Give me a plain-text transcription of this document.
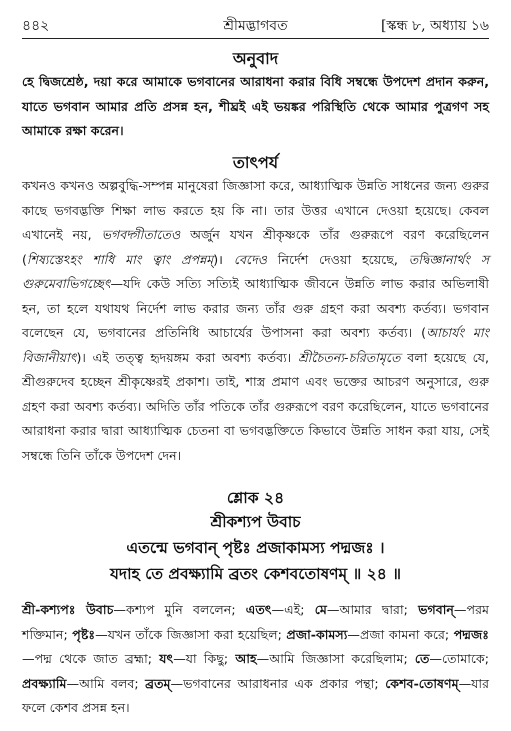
৪৪২	শ্রীমদ্ভাগবত	[স্কন্ধ ৮, অধ্যায় ১৬
অনুবাদ
হে দ্বিজশ্রেষ্ঠ, দয়া করে আমাকে ভগবানের আরাধনা করার বিধি সম্বন্ধে উপদেশ প্রদান করুন, যাতে ভগবান আমার প্রতি প্রসন্ন হন, শীঘ্রই এই ভয়ঙ্কর পরিস্থিতি থেকে আমার পুত্রগণ সহ আমাকে রক্ষা করেন।
তাৎপর্য
কখনও কখনও অল্পবুদ্ধি-সম্পন্ন মানুষেরা জিজ্ঞাসা করে, আধ্যাত্মিক উন্নতি সাধনের জন্য গুরুর কাছে ভগবদ্ভক্তি শিক্ষা লাভ করতে হয় কি না। তার উত্তর এখানে দেওয়া হয়েছে। কেবল এখানেই নয়, ভগবদ্গীতাতেও অর্জুন যখন শ্রীকৃষ্ণকে তাঁর গুরুরূপে বরণ করেছিলেন (শিষ্যস্তেঽহং শাধি মাং ত্বাং প্রপন্নম্)। বেদেও নির্দেশ দেওয়া হয়েছে, তদ্বিজ্ঞানার্থং স গুরুমেবাভিগচ্ছেৎ—যদি কেউ সত্যি সত্যিই আধ্যাত্মিক জীবনে উন্নতি লাভ করার অভিলাষী হন, তা হলে যথাযথ নির্দেশ লাভ করার জন্য তাঁর গুরু গ্রহণ করা অবশ্য কর্তব্য। ভগবান বলেছেন যে, ভগবানের প্রতিনিধি আচার্যের উপাসনা করা অবশ্য কর্তব্য। (আচার্যং মাং বিজানীয়াৎ)। এই তত্ত্ব হৃদয়ঙ্গম করা অবশ্য কর্তব্য। শ্রীচৈতন্য-চরিতামৃতে বলা হয়েছে যে, শ্রীগুরুদেব হচ্ছেন শ্রীকৃষ্ণেরই প্রকাশ। তাই, শাস্ত্র প্রমাণ এবং ভক্তের আচরণ অনুসারে, গুরু গ্রহণ করা অবশ্য কর্তব্য। অদিতি তাঁর পতিকে তাঁর গুরুরূপে বরণ করেছিলেন, যাতে ভগবানের আরাধনা করার দ্বারা আধ্যাত্মিক চেতনা বা ভগবদ্ভক্তিতে কিভাবে উন্নতি সাধন করা যায়, সেই সম্বন্ধে তিনি তাঁকে উপদেশ দেন।
শ্লোক ২৪
শ্রীকশ্যপ উবাচ
এতন্মে ভগবান্‌ পৃষ্টঃ প্রজাকামস্য পদ্মজঃ ।
যদাহ তে প্রবক্ষ্যামি ব্রতং কেশবতোষণম্‌ ॥ ২৪ ॥
শ্রী-কশ্যপঃ উবাচ—কশ্যপ মুনি বললেন; এতৎ—এই; মে—আমার দ্বারা; ভগবান্—পরম শক্তিমান; পৃষ্টঃ—যখন তাঁকে জিজ্ঞাসা করা হয়েছিল; প্রজা-কামস্য—প্রজা কামনা করে; পদ্মজঃ—পদ্ম থেকে জাত ব্রহ্মা; যৎ—যা কিছু; আহ—আমি জিজ্ঞাসা করেছিলাম; তে—তোমাকে; প্রবক্ষ্যামি—আমি বলব; ব্রতম্—ভগবানের আরাধনার এক প্রকার পন্থা; কেশব-তোষণম্—যার ফলে কেশব প্রসন্ন হন।
